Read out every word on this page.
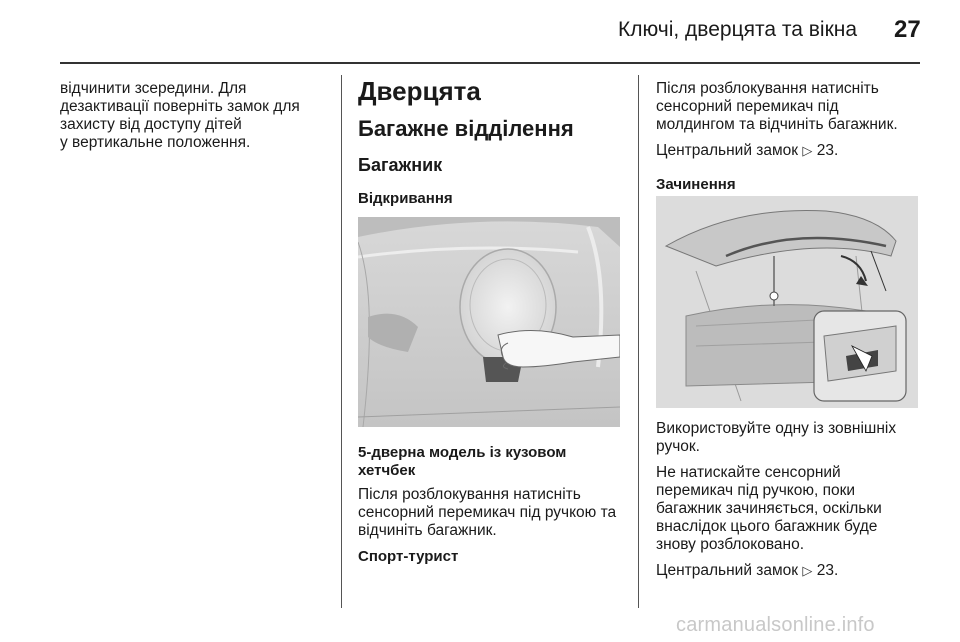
Ключі, дверцята та вікна 27

відчинити зсередини. Для

дезактивації поверніть замок для

захисту від доступу дітей

у вертикальне положення.

Дверцята
Багажне відділення
Багажник
Відкривання
5-дверна модель із кузовом
хетчбек

Після розблокування натисніть

сенсорний перемикач під ручкою та

відчиніть багажник.

Спорт-турист

Після розблокування натисніть

сенсорний перемикач під

молдингом та відчиніть багажник.

Центральний замок ▷ 23.

Зачинення

Використовуйте одну із зовнішніх

ручок.

Не натискайте сенсорний

перемикач під ручкою, поки

багажник зачиняється, оскільки

внаслідок цього багажник буде

знову розблоковано.

Центральний замок ▷ 23.

carmanualsonline.info
